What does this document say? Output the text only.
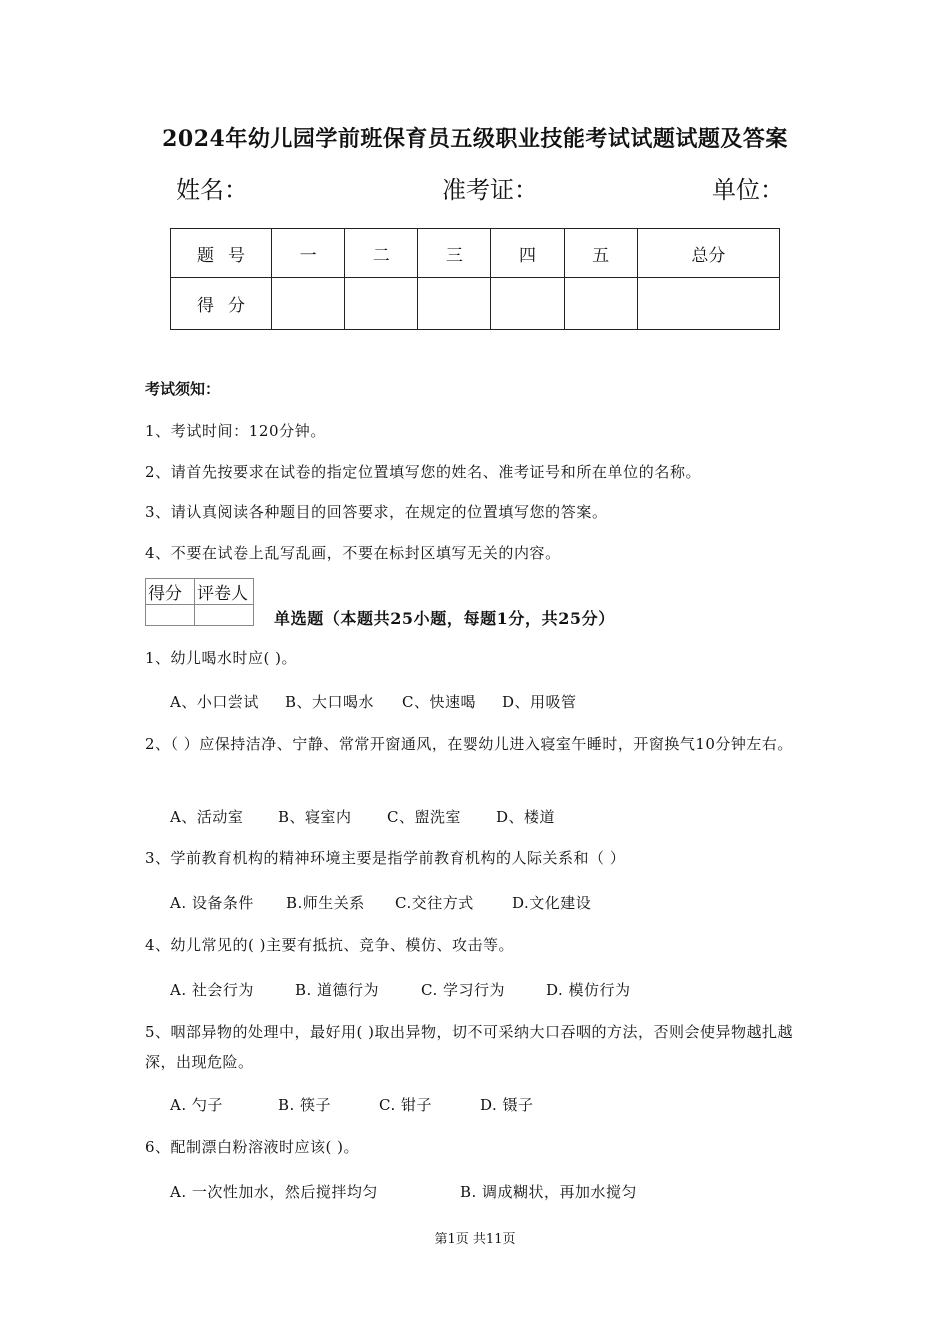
2024年幼儿园学前班保育员五级职业技能考试试题试题及答案
姓名：	准考证：	单位：
题号	一	二	三	四	五	总分
得分						
考试须知：
1、考试时间：120分钟。
2、请首先按要求在试卷的指定位置填写您的姓名、准考证号和所在单位的名称。
3、请认真阅读各种题目的回答要求，在规定的位置填写您的答案。
4、不要在试卷上乱写乱画，不要在标封区填写无关的内容。
得分	评卷人

单选题（本题共25小题，每题1分，共25分）
1、幼儿喝水时应( )。
A、小口尝试 B、大口喝水 C、快速喝 D、用吸管
2、（ ）应保持洁净、宁静、常常开窗通风，在婴幼儿进入寝室午睡时，开窗换气10分钟左右。
A、活动室 B、寝室内 C、盥洗室 D、楼道
3、学前教育机构的精神环境主要是指学前教育机构的人际关系和（ ）
A. 设备条件 B.师生关系 C.交往方式	D.文化建设
4、幼儿常见的( )主要有抵抗、竞争、模仿、攻击等。
A. 社会行为	B. 道德行为	C. 学习行为	D. 模仿行为
5、咽部异物的处理中，最好用( )取出异物，切不可采纳大口吞咽的方法，否则会使异物越扎越深，出现危险。
A. 勺子	B. 筷子	C. 钳子	D. 镊子
6、配制漂白粉溶液时应该( )。
A. 一次性加水，然后搅拌均匀	B. 调成糊状，再加水搅匀
第1页 共11页
